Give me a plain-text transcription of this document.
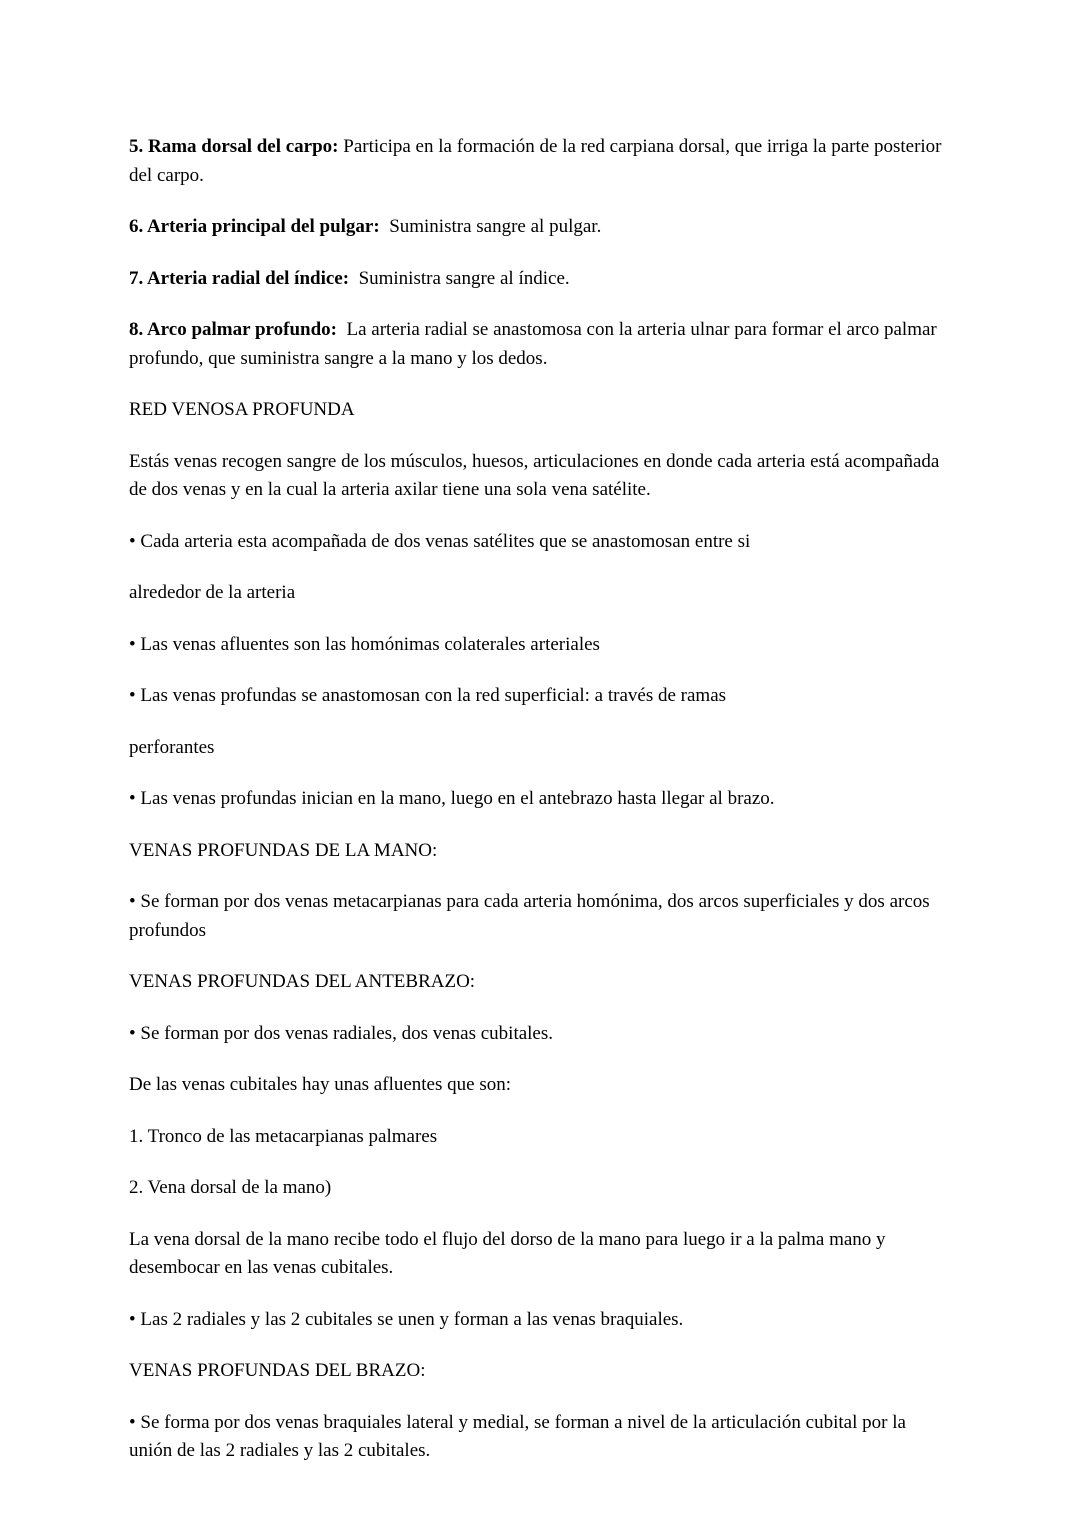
5. Rama dorsal del carpo: Participa en la formación de la red carpiana dorsal, que irriga la parte posterior del carpo.

6. Arteria principal del pulgar:  Suministra sangre al pulgar.

7. Arteria radial del índice:  Suministra sangre al índice.

8. Arco palmar profundo:  La arteria radial se anastomosa con la arteria ulnar para formar el arco palmar profundo, que suministra sangre a la mano y los dedos.

RED VENOSA PROFUNDA

Estás venas recogen sangre de los músculos, huesos, articulaciones en donde cada arteria está acompañada de dos venas y en la cual la arteria axilar tiene una sola vena satélite.

• Cada arteria esta acompañada de dos venas satélites que se anastomosan entre si

alrededor de la arteria

• Las venas afluentes son las homónimas colaterales arteriales

• Las venas profundas se anastomosan con la red superficial: a través de ramas

perforantes

• Las venas profundas inician en la mano, luego en el antebrazo hasta llegar al brazo.

VENAS PROFUNDAS DE LA MANO:

• Se forman por dos venas metacarpianas para cada arteria homónima, dos arcos superficiales y dos arcos profundos

VENAS PROFUNDAS DEL ANTEBRAZO:

• Se forman por dos venas radiales, dos venas cubitales.

De las venas cubitales hay unas afluentes que son:

1. Tronco de las metacarpianas palmares

2. Vena dorsal de la mano)

La vena dorsal de la mano recibe todo el flujo del dorso de la mano para luego ir a la palma mano y desembocar en las venas cubitales.

• Las 2 radiales y las 2 cubitales se unen y forman a las venas braquiales.

VENAS PROFUNDAS DEL BRAZO:

• Se forma por dos venas braquiales lateral y medial, se forman a nivel de la articulación cubital por la unión de las 2 radiales y las 2 cubitales.
